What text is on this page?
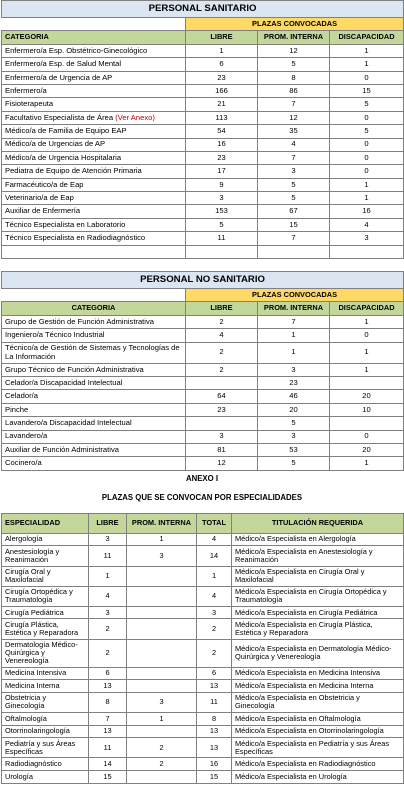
PERSONAL SANITARIO			
	PLAZAS CONVOCADAS		
CATEGORIA	LIBRE	PROM. INTERNA	DISCAPACIDAD
Enfermero/a Esp. Obstétrico-Ginecológico	1	12	1
Enfermero/a Esp. de Salud Mental	6	5	1
Enfermero/a de Urgencia de AP	23	8	0
Enfermero/a	166	86	15
Fisioterapeuta	21	7	5
Facultativo Especialista de Área (Ver Anexo)	113	12	0
Médico/a de Familia de Equipo EAP	54	35	5
Médico/a de Urgencias de AP	16	4	0
Médico/a de Urgencia Hospitalaria	23	7	0
Pediatra de Equipo de Atención Primaria	17	3	0
Farmacéutico/a de Eap	9	5	1
Veterinario/a de Eap	3	5	1
Auxiliar de Enfermería	153	67	16
Técnico Especialista en Laboratorio	5	15	4
Técnico Especialista en Radiodiagnóstico	11	7	3

PERSONAL NO SANITARIO			
	PLAZAS CONVOCADAS		
CATEGORIA	LIBRE	PROM. INTERNA	DISCAPACIDAD
Grupo de Gestión de Función Administrativa	2	7	1
Ingeniero/a Técnico Industrial	4	1	0
Técnico/a de Gestión de Sistemas y Tecnologías de La Información	2	1	1
Grupo Técnico de Función Administrativa	2	3	1
Celador/a Discapacidad Intelectual		23	
Celador/a	64	46	20
Pinche	23	20	10
Lavandero/a Discapacidad Intelectual		5	
Lavandero/a	3	3	0
Auxiliar de Función Administrativa	81	53	20
Cocinero/a	12	5	1
ANEXO I
PLAZAS QUE SE CONVOCAN POR ESPECIALIDADES
ESPECIALIDAD	LIBRE	PROM. INTERNA	TOTAL	TITULACIÓN REQUERIDA
Alergología	3	1	4	Médico/a Especialista en Alergología
Anestesiología y Reanimación	11	3	14	Médico/a Especialista en Anestesiología y Reanimación
Cirugía Oral y Maxilofacial	1		1	Médico/a Especialista en Cirugía Oral y Maxilofacial
Cirugía Ortopédica y Traumatología	4		4	Médico/a Especialista en Cirugía Ortopédica y Traumatología
Cirugía Pediátrica	3		3	Médico/a Especialista en Cirugía Pediátrica
Cirugía Plástica, Estética y Reparadora	2		2	Médico/a Especialista en Cirugía Plástica, Estética y Reparadora
Dermatología Médico-Quirúrgica y Venereología	2		2	Médico/a Especialista en Dermatología Médico-Quirúrgica y Venereología
Medicina Intensiva	6		6	Médico/a Especialista en Medicina Intensiva
Medicina Interna	13		13	Médico/a Especialista en Medicina Interna
Obstetricia y Ginecología	8	3	11	Médico/a Especialista en Obstetricia y Ginecología
Oftalmología	7	1	8	Médico/a Especialista en Oftalmología
Otorrinolaringología	13		13	Médico/a Especialista en Otorrinolaringología
Pediatría y sus Áreas Específicas	11	2	13	Médico/a Especialista en Pediatría y sus Áreas Específicas
Radiodiagnóstico	14	2	16	Médico/a Especialista en Radiodiagnóstico
Urología	15		15	Médico/a Especialista en Urología
